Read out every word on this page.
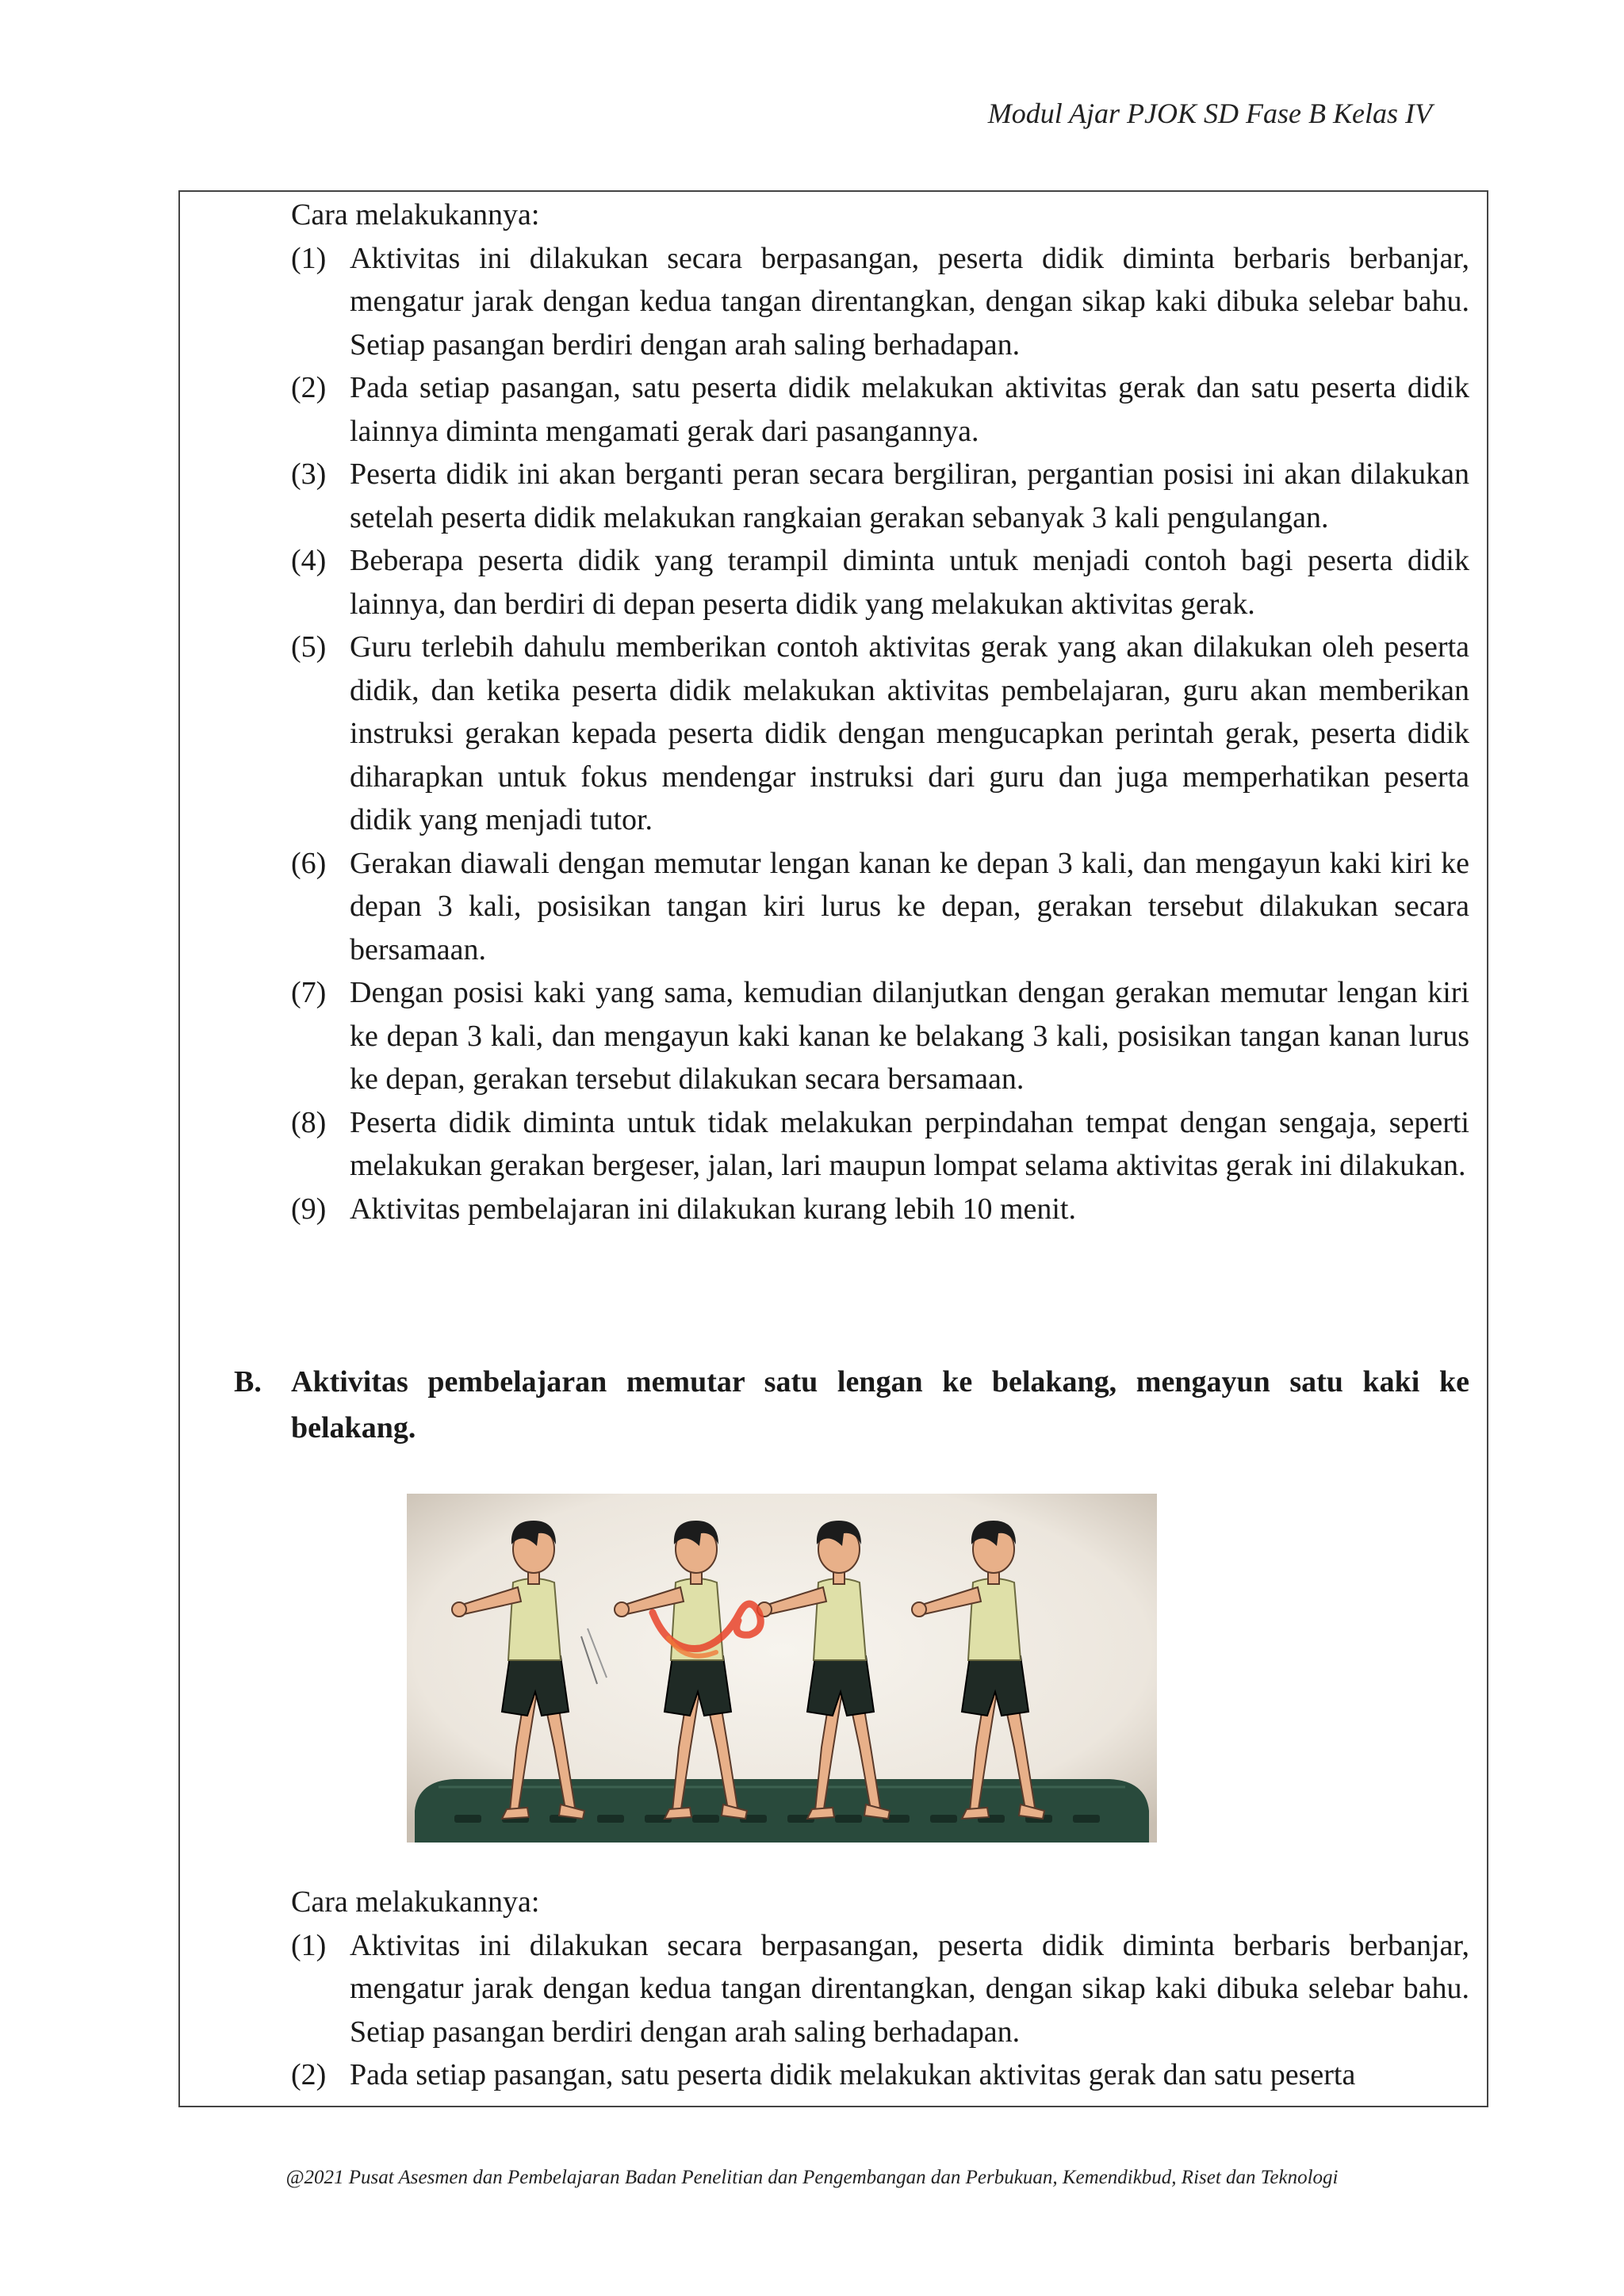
Modul Ajar PJOK SD Fase B Kelas IV

Cara melakukannya:

(1) Aktivitas ini dilakukan secara berpasangan, peserta didik diminta berbaris berbanjar, mengatur jarak dengan kedua tangan direntangkan, dengan sikap kaki dibuka selebar bahu. Setiap pasangan berdiri dengan arah saling berhadapan.
(2) Pada setiap pasangan, satu peserta didik melakukan aktivitas gerak dan satu peserta didik lainnya diminta mengamati gerak dari pasangannya.
(3) Peserta didik ini akan berganti peran secara bergiliran, pergantian posisi ini akan dilakukan setelah peserta didik melakukan rangkaian gerakan sebanyak 3 kali pengulangan.
(4) Beberapa peserta didik yang terampil diminta untuk menjadi contoh bagi peserta didik lainnya, dan berdiri di depan peserta didik yang melakukan aktivitas gerak.
(5) Guru terlebih dahulu memberikan contoh aktivitas gerak yang akan dilakukan oleh peserta didik, dan ketika peserta didik melakukan aktivitas pembelajaran, guru akan memberikan instruksi gerakan kepada peserta didik dengan mengucapkan perintah gerak, peserta didik diharapkan untuk fokus mendengar instruksi dari guru dan juga memperhatikan peserta didik yang menjadi tutor.
(6) Gerakan diawali dengan memutar lengan kanan ke depan 3 kali, dan mengayun kaki kiri ke depan 3 kali, posisikan tangan kiri lurus ke depan, gerakan tersebut dilakukan secara bersamaan.
(7) Dengan posisi kaki yang sama, kemudian dilanjutkan dengan gerakan memutar lengan kiri ke depan 3 kali, dan mengayun kaki kanan ke belakang 3 kali, posisikan tangan kanan lurus ke depan, gerakan tersebut dilakukan secara bersamaan.
(8) Peserta didik diminta untuk tidak melakukan perpindahan tempat dengan sengaja, seperti melakukan gerakan bergeser, jalan, lari maupun lompat selama aktivitas gerak ini dilakukan.
(9) Aktivitas pembelajaran ini dilakukan kurang lebih 10 menit.
B. Aktivitas pembelajaran memutar satu lengan ke belakang, mengayun satu kaki ke belakang.

Cara melakukannya:

(1) Aktivitas ini dilakukan secara berpasangan, peserta didik diminta berbaris berbanjar, mengatur jarak dengan kedua tangan direntangkan, dengan sikap kaki dibuka selebar bahu. Setiap pasangan berdiri dengan arah saling berhadapan.
(2) Pada setiap pasangan, satu peserta didik melakukan aktivitas gerak dan satu peserta
@2021 Pusat Asesmen dan Pembelajaran Badan Penelitian dan Pengembangan dan Perbukuan, Kemendikbud, Riset dan Teknologi
